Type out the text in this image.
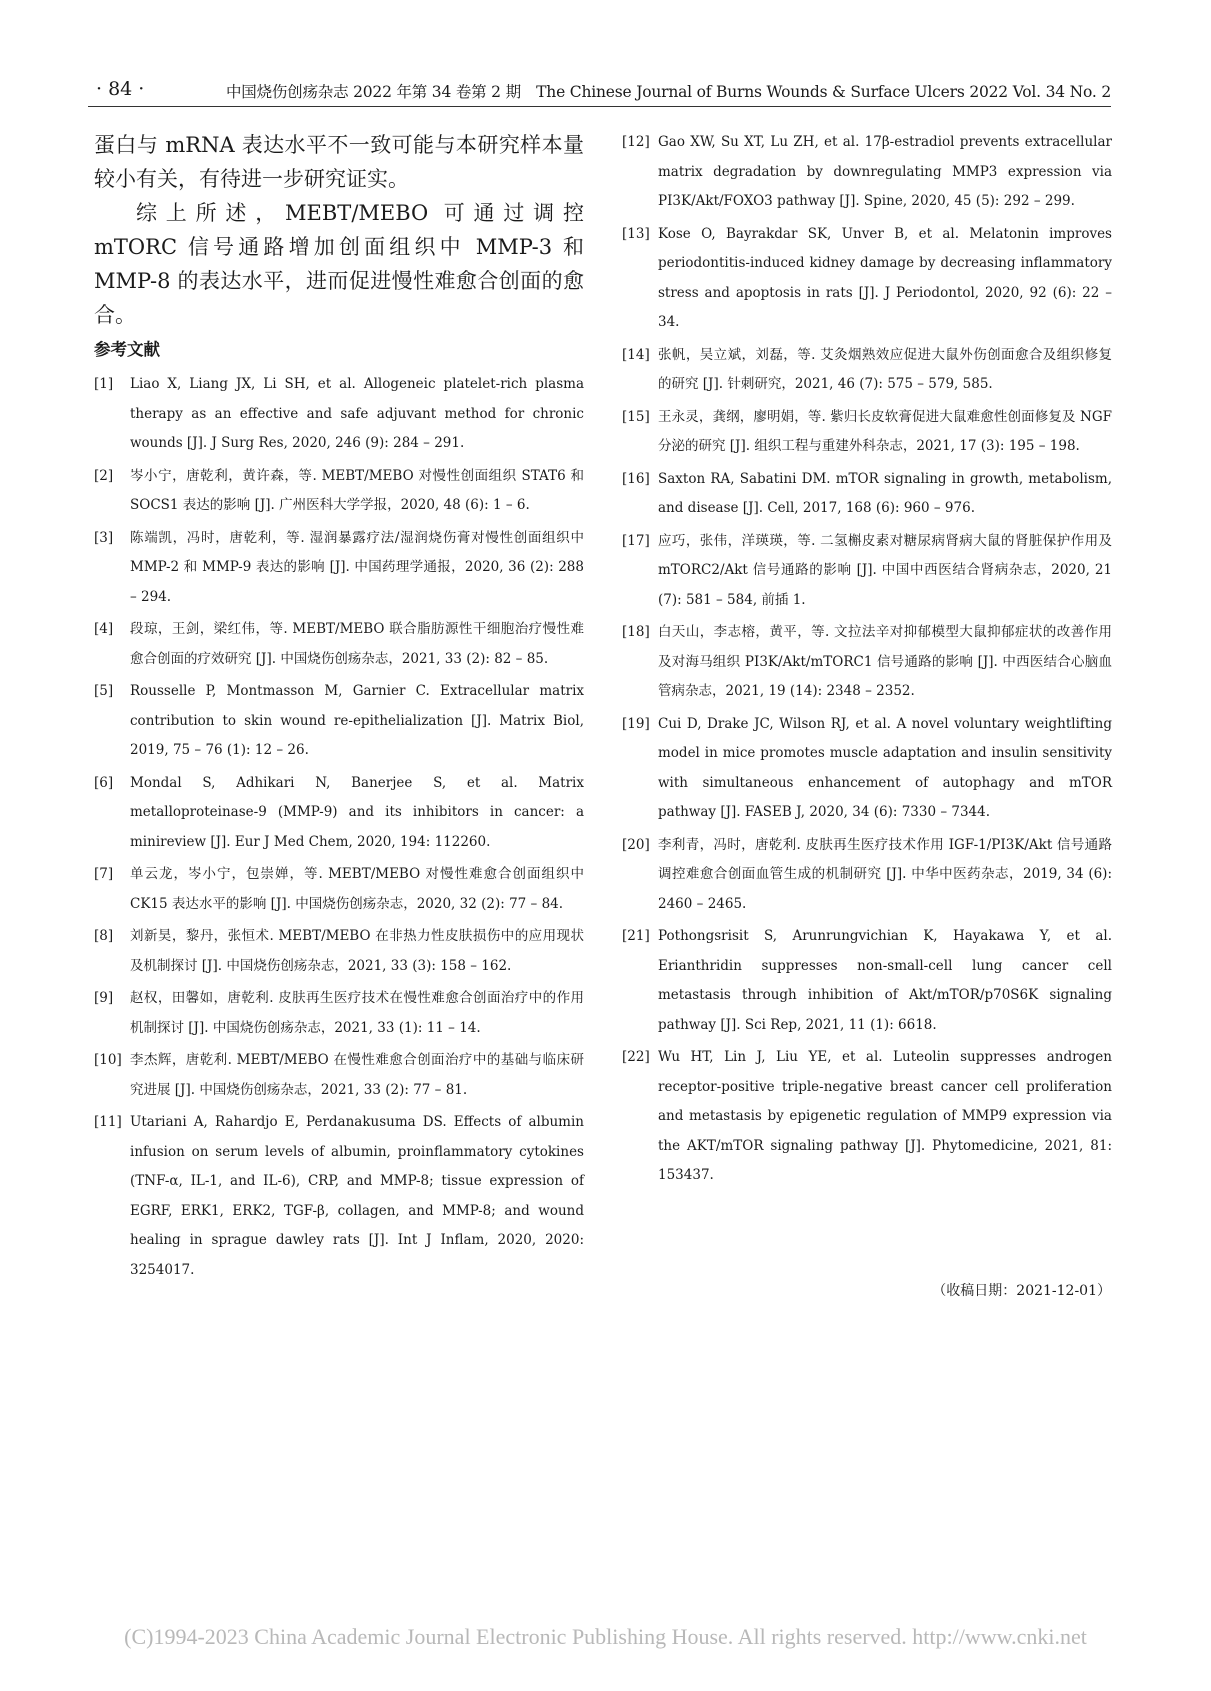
· 84 ·	中国烧伤创疡杂志 2022 年第 34 卷第 2 期　The Chinese Journal of Burns Wounds & Surface Ulcers 2022 Vol. 34 No. 2

蛋白与 mRNA 表达水平不一致可能与本研究样本量较小有关，有待进一步研究证实。

综上所述，MEBT/MEBO 可通过调控 mTORC 信号通路增加创面组织中 MMP-3 和 MMP-8 的表达水平，进而促进慢性难愈合创面的愈合。

参考文献
[1]	Liao X, Liang JX, Li SH, et al. Allogeneic platelet-rich plasma therapy as an effective and safe adjuvant method for chronic wounds [J]. J Surg Res, 2020, 246 (9): 284 – 291.
[2]	岑小宁，唐乾利，黄许森，等. MEBT/MEBO 对慢性创面组织 STAT6 和 SOCS1 表达的影响 [J]. 广州医科大学学报，2020, 48 (6): 1 – 6.
[3]	陈端凯，冯时，唐乾利，等. 湿润暴露疗法/湿润烧伤膏对慢性创面组织中 MMP-2 和 MMP-9 表达的影响 [J]. 中国药理学通报，2020, 36 (2): 288 – 294.
[4]	段琼，王剑，梁红伟，等. MEBT/MEBO 联合脂肪源性干细胞治疗慢性难愈合创面的疗效研究 [J]. 中国烧伤创疡杂志，2021, 33 (2): 82 – 85.
[5]	Rousselle P, Montmasson M, Garnier C. Extracellular matrix contribution to skin wound re-epithelialization [J]. Matrix Biol, 2019, 75 – 76 (1): 12 – 26.
[6]	Mondal S, Adhikari N, Banerjee S, et al. Matrix metalloproteinase-9 (MMP-9) and its inhibitors in cancer: a minireview [J]. Eur J Med Chem, 2020, 194: 112260.
[7]	单云龙，岑小宁，包崇婵，等. MEBT/MEBO 对慢性难愈合创面组织中 CK15 表达水平的影响 [J]. 中国烧伤创疡杂志，2020, 32 (2): 77 – 84.
[8]	刘新昊，黎丹，张恒术. MEBT/MEBO 在非热力性皮肤损伤中的应用现状及机制探讨 [J]. 中国烧伤创疡杂志，2021, 33 (3): 158 – 162.
[9]	赵权，田馨如，唐乾利. 皮肤再生医疗技术在慢性难愈合创面治疗中的作用机制探讨 [J]. 中国烧伤创疡杂志，2021, 33 (1): 11 – 14.
[10] 李杰辉，唐乾利. MEBT/MEBO 在慢性难愈合创面治疗中的基础与临床研究进展 [J]. 中国烧伤创疡杂志，2021, 33 (2): 77 – 81.
[11] Utariani A, Rahardjo E, Perdanakusuma DS. Effects of albumin infusion on serum levels of albumin, proinflammatory cytokines (TNF-α, IL-1, and IL-6), CRP, and MMP-8; tissue expression of EGRF, ERK1, ERK2, TGF-β, collagen, and MMP-8; and wound healing in sprague dawley rats [J]. Int J Inflam, 2020, 2020: 3254017.
[12] Gao XW, Su XT, Lu ZH, et al. 17β-estradiol prevents extracellular matrix degradation by downregulating MMP3 expression via PI3K/Akt/FOXO3 pathway [J]. Spine, 2020, 45 (5): 292 – 299.
[13] Kose O, Bayrakdar SK, Unver B, et al. Melatonin improves periodontitis-induced kidney damage by decreasing inflammatory stress and apoptosis in rats [J]. J Periodontol, 2020, 92 (6): 22 – 34.
[14] 张帆，吴立斌，刘磊，等. 艾灸烟熟效应促进大鼠外伤创面愈合及组织修复的研究 [J]. 针刺研究，2021, 46 (7): 575 – 579, 585.
[15] 王永灵，龚纲，廖明娟，等. 紫归长皮软膏促进大鼠难愈性创面修复及 NGF 分泌的研究 [J]. 组织工程与重建外科杂志，2021, 17 (3): 195 – 198.
[16] Saxton RA, Sabatini DM. mTOR signaling in growth, metabolism, and disease [J]. Cell, 2017, 168 (6): 960 – 976.
[17] 应巧，张伟，洋瑛瑛，等. 二氢槲皮素对糖尿病肾病大鼠的肾脏保护作用及 mTORC2/Akt 信号通路的影响 [J]. 中国中西医结合肾病杂志，2020, 21 (7): 581 – 584, 前插 1.
[18] 白天山，李志榕，黄平，等. 文拉法辛对抑郁模型大鼠抑郁症状的改善作用及对海马组织 PI3K/Akt/mTORC1 信号通路的影响 [J]. 中西医结合心脑血管病杂志，2021, 19 (14): 2348 – 2352.
[19] Cui D, Drake JC, Wilson RJ, et al. A novel voluntary weightlifting model in mice promotes muscle adaptation and insulin sensitivity with simultaneous enhancement of autophagy and mTOR pathway [J]. FASEB J, 2020, 34 (6): 7330 – 7344.
[20] 李利青，冯时，唐乾利. 皮肤再生医疗技术作用 IGF-1/PI3K/Akt 信号通路调控难愈合创面血管生成的机制研究 [J]. 中华中医药杂志，2019, 34 (6): 2460 – 2465.
[21] Pothongsrisit S, Arunrungvichian K, Hayakawa Y, et al. Erianthridin suppresses non-small-cell lung cancer cell metastasis through inhibition of Akt/mTOR/p70S6K signaling pathway [J]. Sci Rep, 2021, 11 (1): 6618.
[22] Wu HT, Lin J, Liu YE, et al. Luteolin suppresses androgen receptor-positive triple-negative breast cancer cell proliferation and metastasis by epigenetic regulation of MMP9 expression via the AKT/mTOR signaling pathway [J]. Phytomedicine, 2021, 81: 153437.
（收稿日期：2021-12-01）
(C)1994-2023 China Academic Journal Electronic Publishing House. All rights reserved. http://www.cnki.net
